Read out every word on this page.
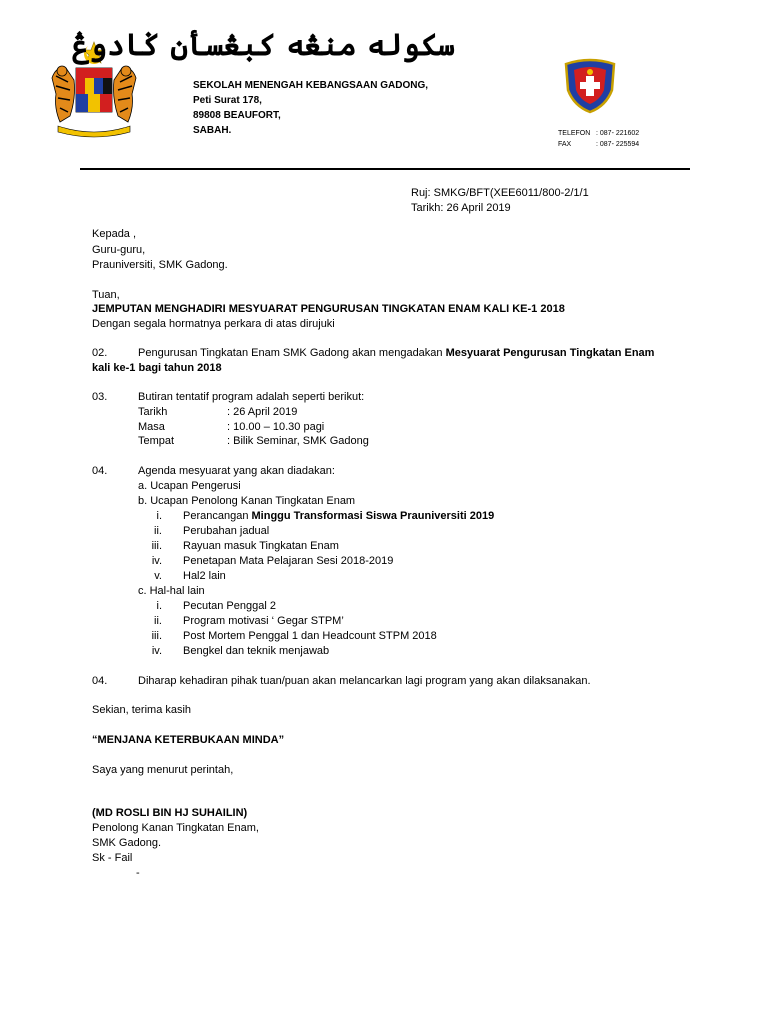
سکوله منڠه کبڠسأن ݢادوڠ
SEKOLAH MENENGAH KEBANGSAAN GADONG,
Peti Surat 178,
89808 BEAUFORT,
SABAH.	TELEFON : 087- 221602
FAX	: 087- 225594
Ruj: SMKG/BFT(XEE6011/800-2/1/1
Tarikh: 26 April 2019
Kepada ,
Guru-guru,
Prauniversiti, SMK Gadong.
Tuan,
JEMPUTAN MENGHADIRI MESYUARAT PENGURUSAN TINGKATAN ENAM KALI KE-1 2018
Dengan segala hormatnya perkara di atas dirujuki
02.	Pengurusan Tingkatan Enam SMK Gadong akan mengadakan Mesyuarat Pengurusan Tingkatan Enam
kali ke-1 bagi tahun 2018
03.	Butiran tentatif program adalah seperti berikut:
Tarikh	: 26 April 2019
Masa	: 10.00 – 10.30 pagi
Tempat	: Bilik Seminar, SMK Gadong
04.	Agenda mesyuarat yang akan diadakan:
a. Ucapan Pengerusi
b. Ucapan Penolong Kanan Tingkatan Enam
i. Perancangan Minggu Transformasi Siswa Prauniversiti 2019
ii. Perubahan jadual
iii. Rayuan masuk Tingkatan Enam
iv. Penetapan Mata Pelajaran Sesi 2018-2019
v. Hal2 lain
c. Hal-hal lain
i. Pecutan Penggal 2
ii. Program motivasi ‘ Gegar STPM’
iii. Post Mortem Penggal 1 dan Headcount STPM 2018
iv. Bengkel dan teknik menjawab
04.	Diharap kehadiran pihak tuan/puan akan melancarkan lagi program yang akan dilaksanakan.
Sekian, terima kasih
“MENJANA KETERBUKAAN MINDA”
Saya yang menurut perintah,
(MD ROSLI BIN HJ SUHAILIN)
Penolong Kanan Tingkatan Enam,
SMK Gadong.
Sk - Fail
-
